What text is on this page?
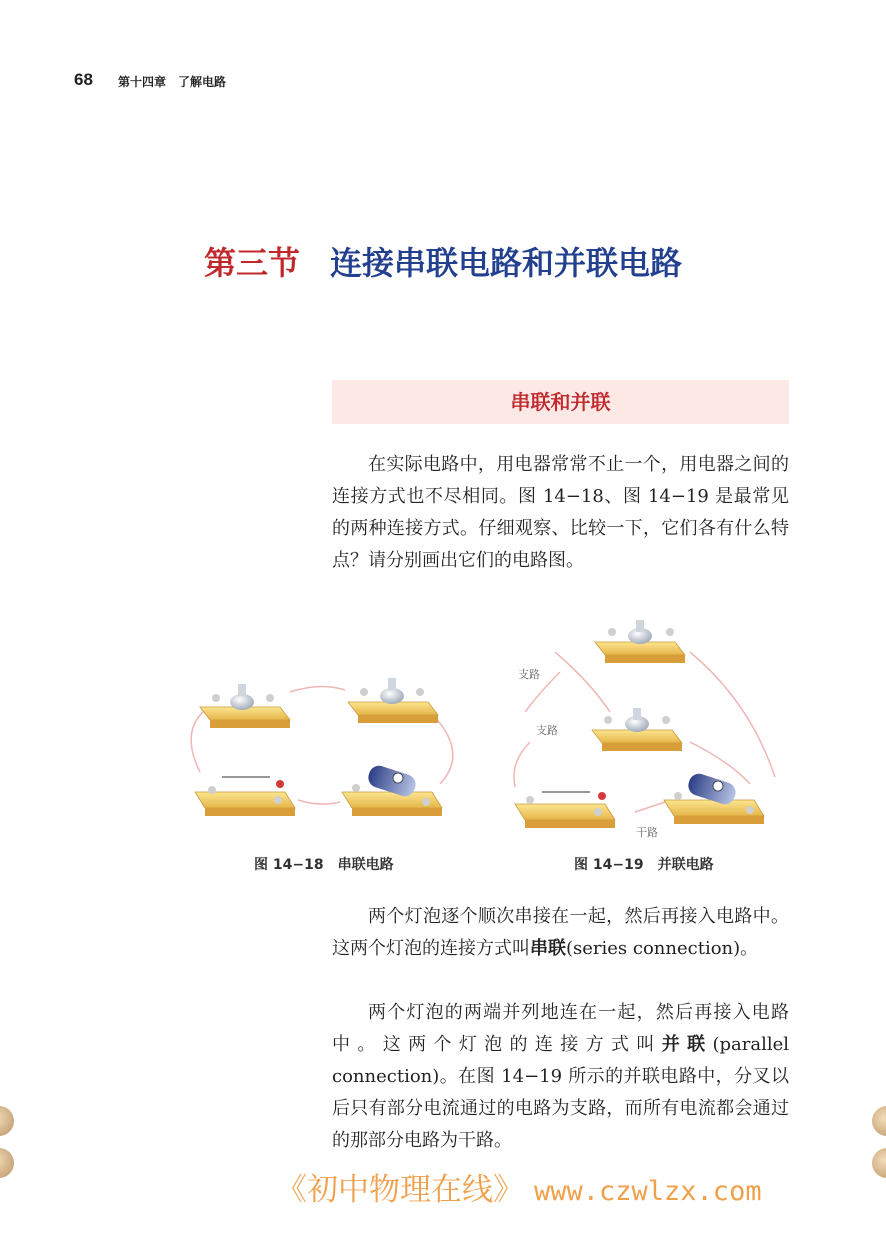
68 第十四章　了解电路
第三节 连接串联电路和并联电路
串联和并联

在实际电路中，用电器常常不止一个，用电器之间的连接方式也不尽相同。图 14−18、图 14−19 是最常见的两种连接方式。仔细观察、比较一下，它们各有什么特点？请分别画出它们的电路图。

支路
支路
干路
图 14−18　串联电路	图 14−19　并联电路

两个灯泡逐个顺次串接在一起，然后再接入电路中。这两个灯泡的连接方式叫串联(series connection)。

两个灯泡的两端并列地连在一起，然后再接入电路中。这两个灯泡的连接方式叫并联(parallel connection)。在图 14−19 所示的并联电路中，分叉以后只有部分电流通过的电路为支路，而所有电流都会通过的那部分电路为干路。

《初中物理在线》 www.czwlzx.com
